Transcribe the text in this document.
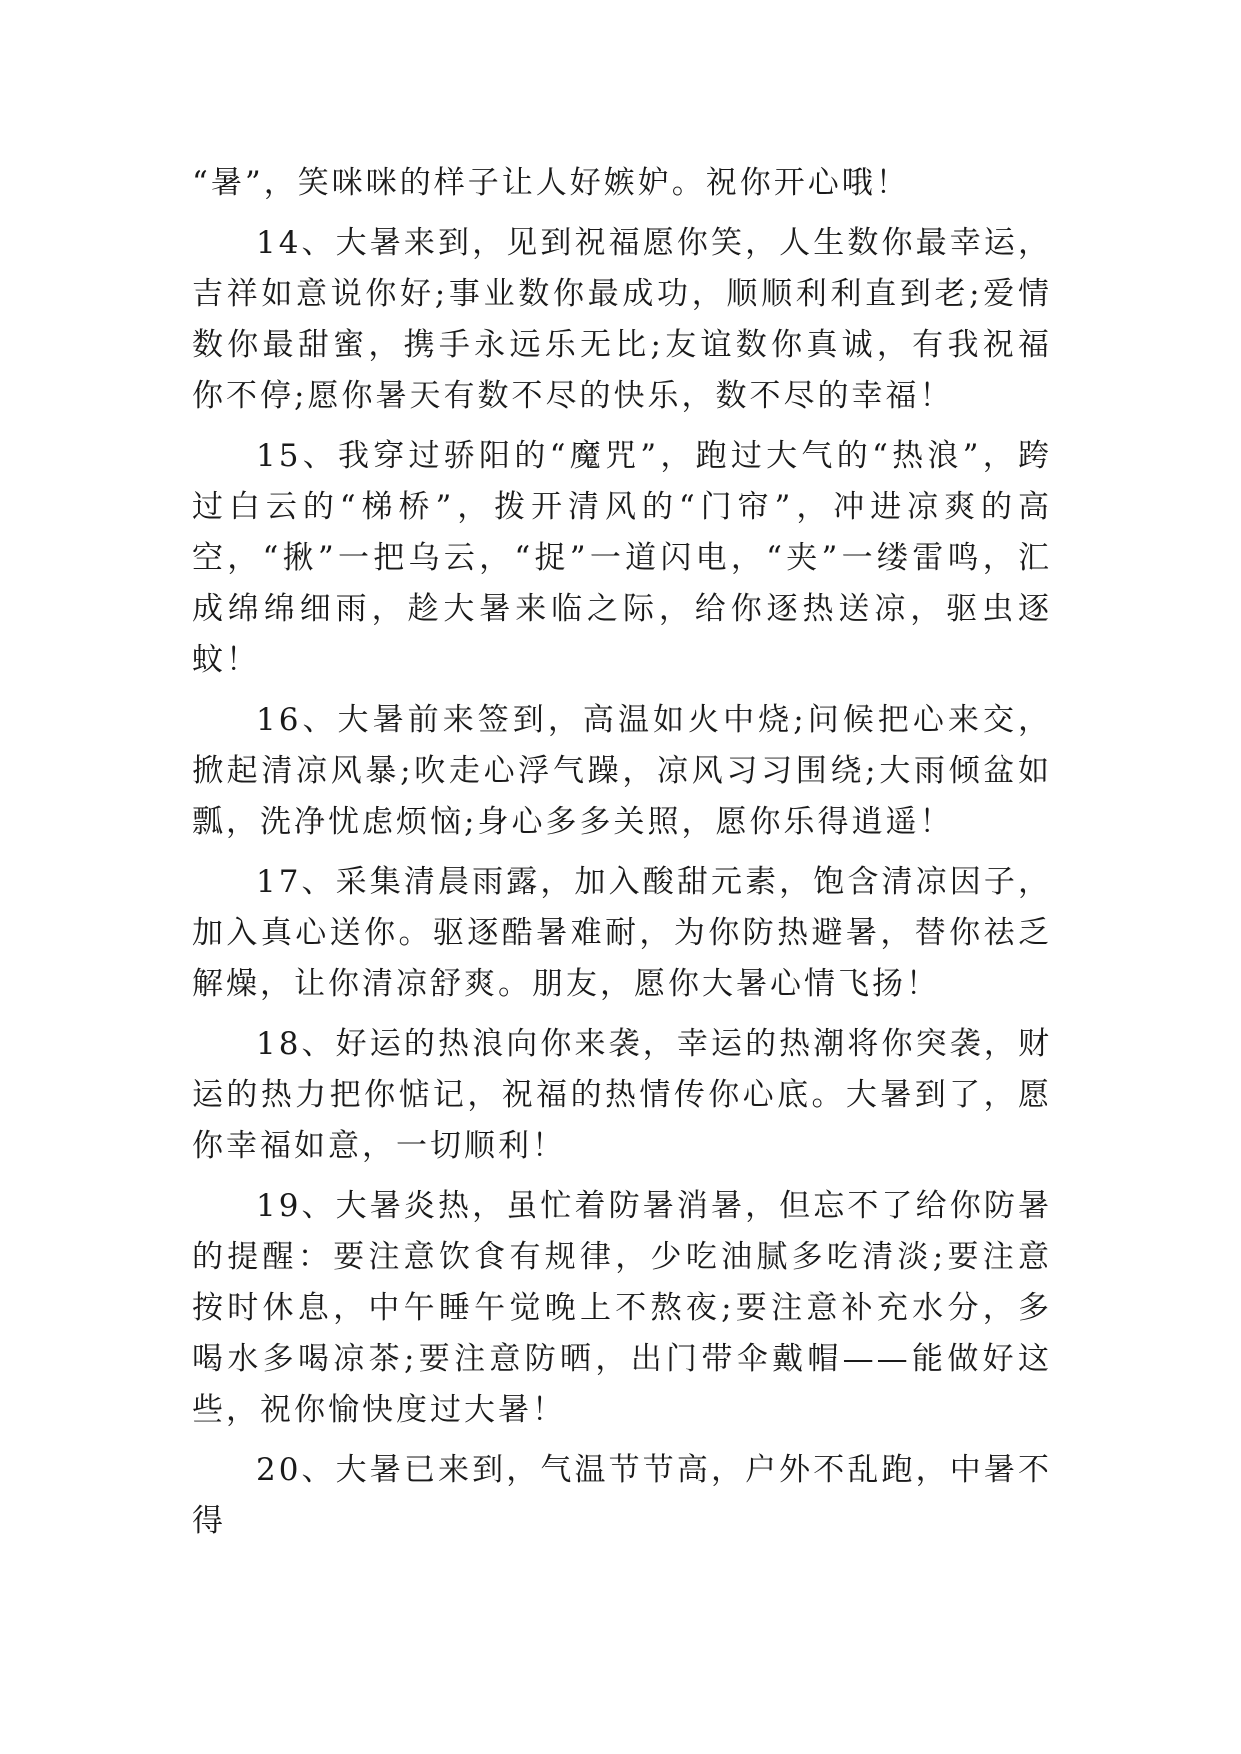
“暑”，笑咪咪的样子让人好嫉妒。祝你开心哦！

14、大暑来到，见到祝福愿你笑，人生数你最幸运，吉祥如意说你好;事业数你最成功，顺顺利利直到老;爱情数你最甜蜜，携手永远乐无比;友谊数你真诚，有我祝福你不停;愿你暑天有数不尽的快乐，数不尽的幸福！

15、我穿过骄阳的“魔咒”，跑过大气的“热浪”，跨过白云的“梯桥”，拨开清风的“门帘”，冲进凉爽的高空，“揪”一把乌云，“捉”一道闪电，“夹”一缕雷鸣，汇成绵绵细雨，趁大暑来临之际，给你逐热送凉，驱虫逐蚊！

16、大暑前来签到，高温如火中烧;问候把心来交，掀起清凉风暴;吹走心浮气躁，凉风习习围绕;大雨倾盆如瓢，洗净忧虑烦恼;身心多多关照，愿你乐得逍遥！

17、采集清晨雨露，加入酸甜元素，饱含清凉因子，加入真心送你。驱逐酷暑难耐，为你防热避暑，替你祛乏解燥，让你清凉舒爽。朋友，愿你大暑心情飞扬！

18、好运的热浪向你来袭，幸运的热潮将你突袭，财运的热力把你惦记，祝福的热情传你心底。大暑到了，愿你幸福如意，一切顺利！

19、大暑炎热，虽忙着防暑消暑，但忘不了给你防暑的提醒：要注意饮食有规律，少吃油腻多吃清淡;要注意按时休息，中午睡午觉晚上不熬夜;要注意补充水分，多喝水多喝凉茶;要注意防晒，出门带伞戴帽——能做好这些，祝你愉快度过大暑！

20、大暑已来到，气温节节高，户外不乱跑，中暑不得
